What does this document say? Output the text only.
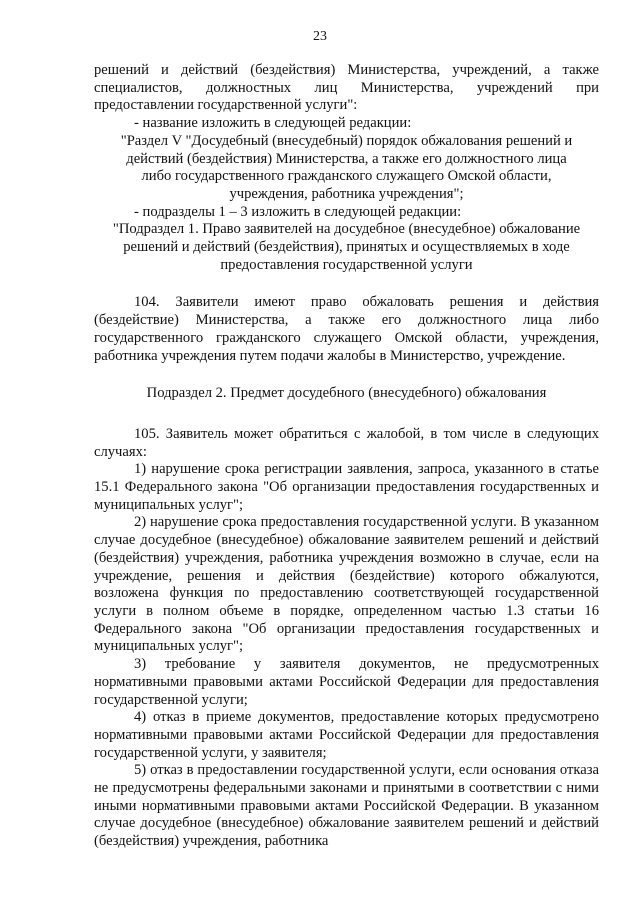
23

решений и действий (бездействия) Министерства, учреждений, а также специалистов, должностных лиц Министерства, учреждений при предоставлении государственной услуги":

- название изложить в следующей редакции:

"Раздел V "Досудебный (внесудебный) порядок обжалования решений и действий (бездействия) Министерства, а также его должностного лица либо государственного гражданского служащего Омской области, учреждения, работника учреждения";

- подразделы 1 – 3 изложить в следующей редакции:

"Подраздел 1. Право заявителей на досудебное (внесудебное) обжалование решений и действий (бездействия), принятых и осуществляемых в ходе предоставления государственной услуги

104. Заявители имеют право обжаловать решения и действия (бездействие) Министерства, а также его должностного лица либо государственного гражданского служащего Омской области, учреждения, работника учреждения путем подачи жалобы в Министерство, учреждение.

Подраздел 2. Предмет досудебного (внесудебного) обжалования

105. Заявитель может обратиться с жалобой, в том числе в следующих случаях:

1) нарушение срока регистрации заявления, запроса, указанного в статье 15.1 Федерального закона "Об организации предоставления государственных и муниципальных услуг";

2) нарушение срока предоставления государственной услуги. В указанном случае досудебное (внесудебное) обжалование заявителем решений и действий (бездействия) учреждения, работника учреждения возможно в случае, если на учреждение, решения и действия (бездействие) которого обжалуются, возложена функция по предоставлению соответствующей государственной услуги в полном объеме в порядке, определенном частью 1.3 статьи 16 Федерального закона "Об организации предоставления государственных и муниципальных услуг";

3) требование у заявителя документов, не предусмотренных нормативными правовыми актами Российской Федерации для предоставления государственной услуги;

4) отказ в приеме документов, предоставление которых предусмотрено нормативными правовыми актами Российской Федерации для предоставления государственной услуги, у заявителя;

5) отказ в предоставлении государственной услуги, если основания отказа не предусмотрены федеральными законами и принятыми в соответствии с ними иными нормативными правовыми актами Российской Федерации. В указанном случае досудебное (внесудебное) обжалование заявителем решений и действий (бездействия) учреждения, работника
